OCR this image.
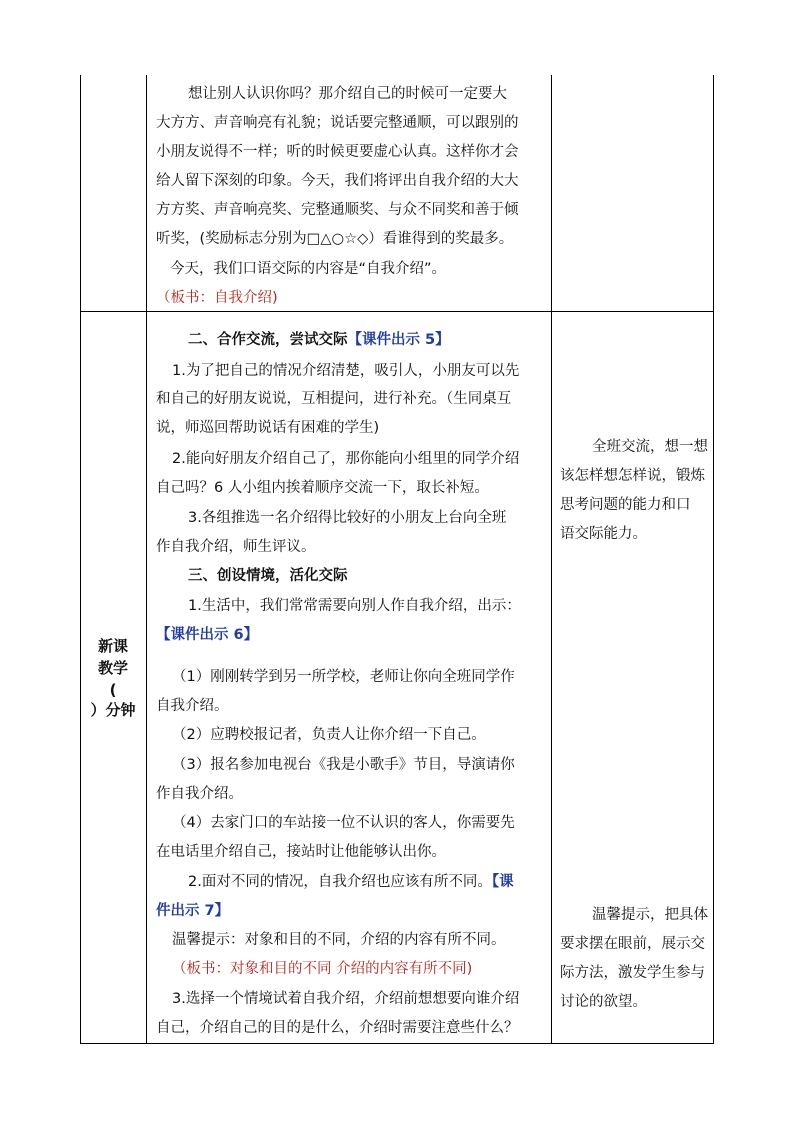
想让别人认识你吗？那介绍自己的时候可一定要大
大方方、声音响亮有礼貌；说话要完整通顺，可以跟别的
小朋友说得不一样；听的时候更要虚心认真。这样你才会
给人留下深刻的印象。今天，我们将评出自我介绍的大大
方方奖、声音响亮奖、完整通顺奖、与众不同奖和善于倾
听奖，(奖励标志分别为□△○☆◇）看谁得到的奖最多。
今天，我们口语交际的内容是“自我介绍”。
（板书：自我介绍)
新课
教学
(
）分钟
二、合作交流，尝试交际【课件出示 5】
1.为了把自己的情况介绍清楚，吸引人，小朋友可以先
和自己的好朋友说说，互相提问，进行补充。（生同桌互
说，师巡回帮助说话有困难的学生)
2.能向好朋友介绍自己了，那你能向小组里的同学介绍
自己吗？6 人小组内挨着顺序交流一下，取长补短。
3.各组推选一名介绍得比较好的小朋友上台向全班
作自我介绍，师生评议。
三、创设情境，活化交际
1.生活中，我们常常需要向别人作自我介绍，出示：
【课件出示 6】
（1）刚刚转学到另一所学校，老师让你向全班同学作
自我介绍。
（2）应聘校报记者，负责人让你介绍一下自己。
（3）报名参加电视台《我是小歌手》节目，导演请你
作自我介绍。
（4）去家门口的车站接一位不认识的客人，你需要先
在电话里介绍自己，接站时让他能够认出你。
2.面对不同的情况，自我介绍也应该有所不同。【课
件出示 7】
温馨提示：对象和目的不同，介绍的内容有所不同。
（板书：对象和目的不同 介绍的内容有所不同)
3.选择一个情境试着自我介绍，介绍前想想要向谁介绍
自己，介绍自己的目的是什么，介绍时需要注意些什么？
全班交流，想一想
该怎样想怎样说，锻炼
思考问题的能力和口
语交际能力。
温馨提示，把具体
要求摆在眼前，展示交
际方法，激发学生参与
讨论的欲望。
